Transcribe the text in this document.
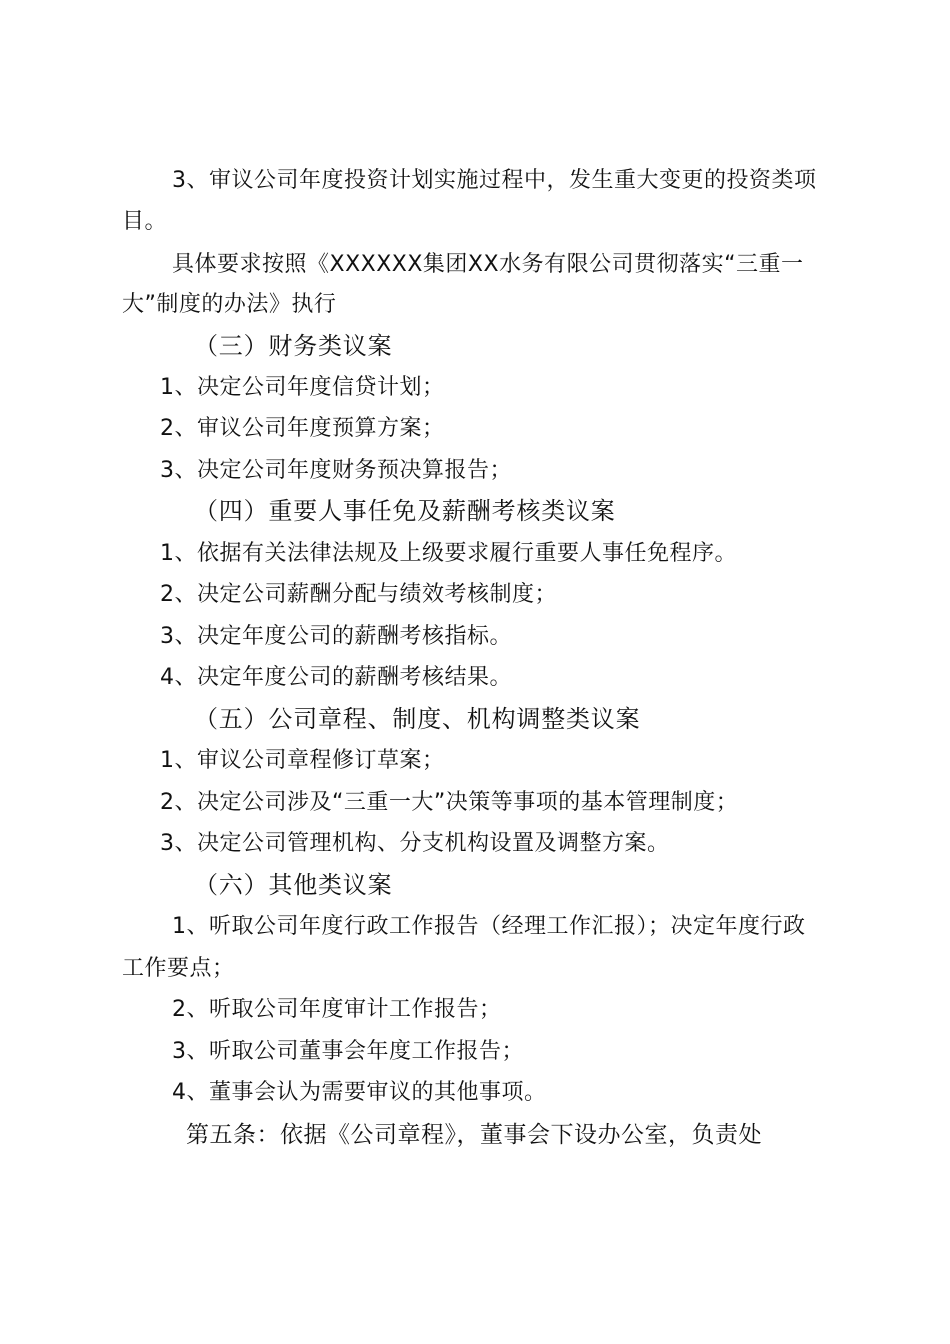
3、审议公司年度投资计划实施过程中，发生重大变更的投资类项
目。
具体要求按照《XXXXXX集团XX水务有限公司贯彻落实“三重一
大”制度的办法》执行
（三）财务类议案
1、决定公司年度信贷计划；
2、审议公司年度预算方案；
3、决定公司年度财务预决算报告；
（四）重要人事任免及薪酬考核类议案
1、依据有关法律法规及上级要求履行重要人事任免程序。
2、决定公司薪酬分配与绩效考核制度；
3、决定年度公司的薪酬考核指标。
4、决定年度公司的薪酬考核结果。
（五）公司章程、制度、机构调整类议案
1、审议公司章程修订草案；
2、决定公司涉及“三重一大”决策等事项的基本管理制度；
3、决定公司管理机构、分支机构设置及调整方案。
（六）其他类议案
1、听取公司年度行政工作报告（经理工作汇报）；决定年度行政
工作要点；
2、听取公司年度审计工作报告；
3、听取公司董事会年度工作报告；
4、董事会认为需要审议的其他事项。
第五条：依据《公司章程》，董事会下设办公室，负责处
